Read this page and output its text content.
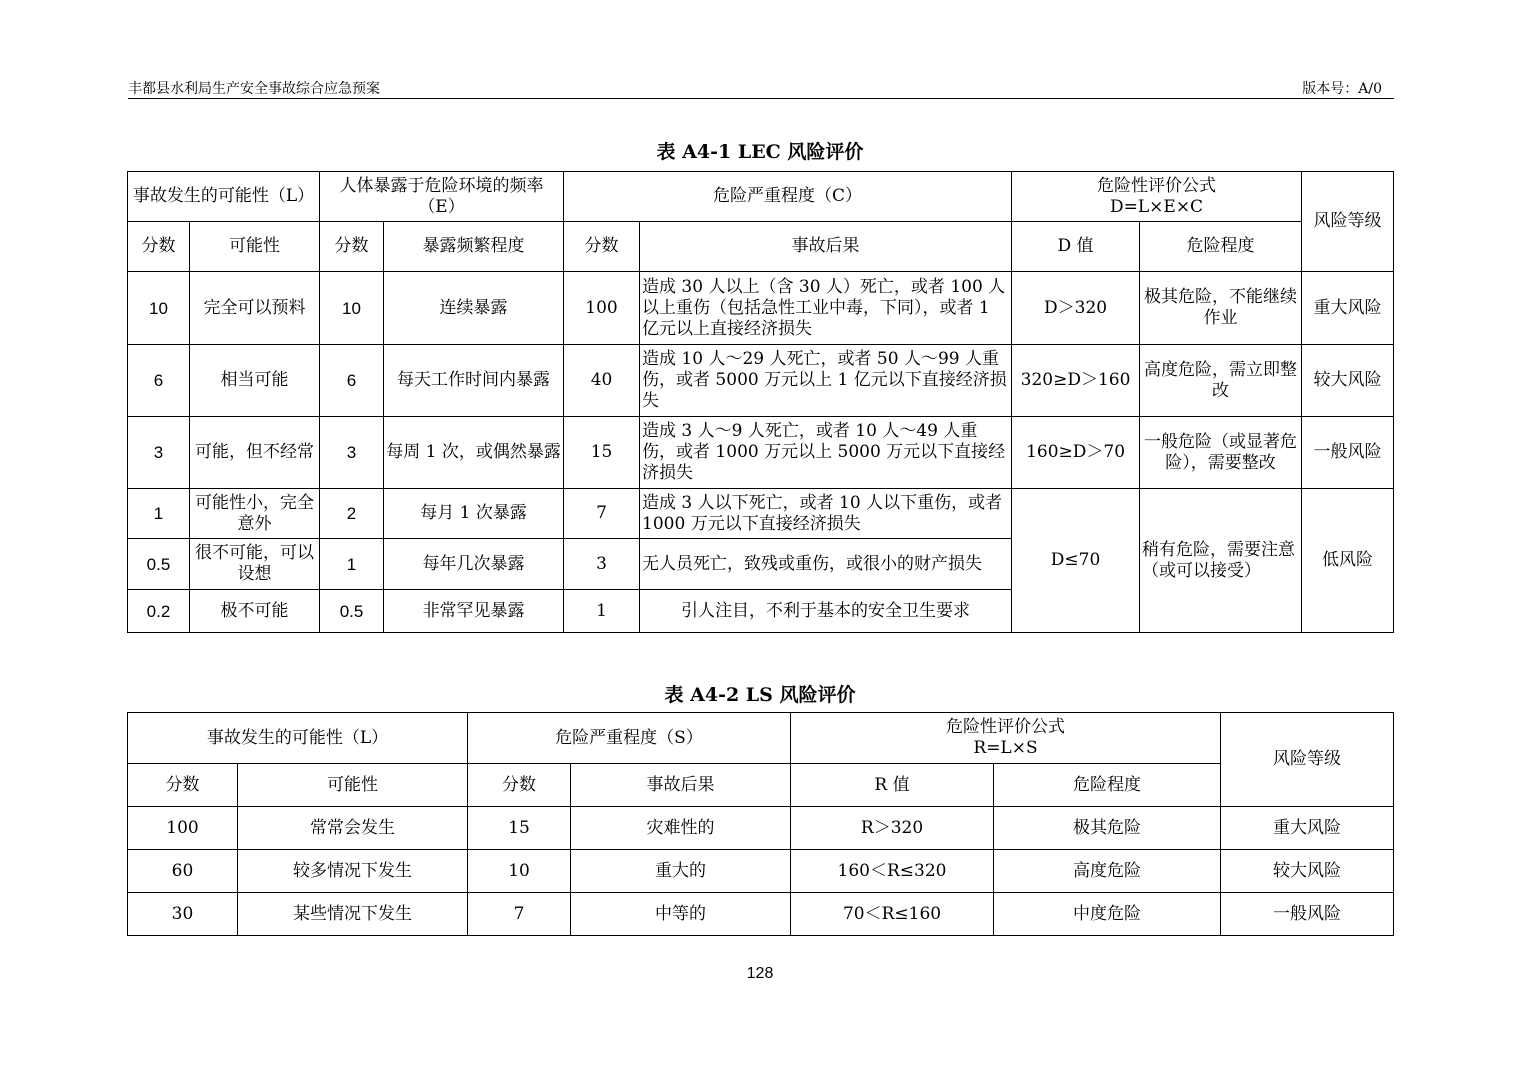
丰都县水利局生产安全事故综合应急预案	版本号：A/0
表 A4-1 LEC 风险评价
事故发生的可能性（L）		人体暴露于危险环境的频率（E）		危险严重程度（C）		危险性评价公式
D=L×E×C		风险等级
分数	可能性	分数	暴露频繁程度	分数	事故后果	D 值	危险程度	
10	完全可以预料	10	连续暴露	100	造成 30 人以上（含 30 人）死亡，或者 100 人以上重伤（包括急性工业中毒，下同），或者 1 亿元以上直接经济损失	D＞320	极其危险，不能继续作业	重大风险
6	相当可能	6	每天工作时间内暴露	40	造成 10 人～29 人死亡，或者 50 人～99 人重伤，或者 5000 万元以上 1 亿元以下直接经济损失	320≥D＞160	高度危险，需立即整改	较大风险
3	可能，但不经常	3	每周 1 次，或偶然暴露	15	造成 3 人～9 人死亡，或者 10 人～49 人重伤，或者 1000 万元以上 5000 万元以下直接经济损失	160≥D＞70	一般危险（或显著危险），需要整改	一般风险
1	可能性小，完全意外	2	每月 1 次暴露	7	造成 3 人以下死亡，或者 10 人以下重伤，或者 1000 万元以下直接经济损失	D≤70	稍有危险，需要注意（或可以接受）	低风险
0.5	很不可能，可以设想	1	每年几次暴露	3	无人员死亡，致残或重伤，或很小的财产损失			
0.2	极不可能	0.5	非常罕见暴露	1	引人注目，不利于基本的安全卫生要求			
表 A4-2 LS 风险评价
事故发生的可能性（L）		危险严重程度（S）		危险性评价公式
R=L×S		风险等级
分数	可能性	分数	事故后果	R 值	危险程度	
100	常常会发生	15	灾难性的	R＞320	极其危险	重大风险
60	较多情况下发生	10	重大的	160＜R≤320	高度危险	较大风险
30	某些情况下发生	7	中等的	70＜R≤160	中度危险	一般风险
128
